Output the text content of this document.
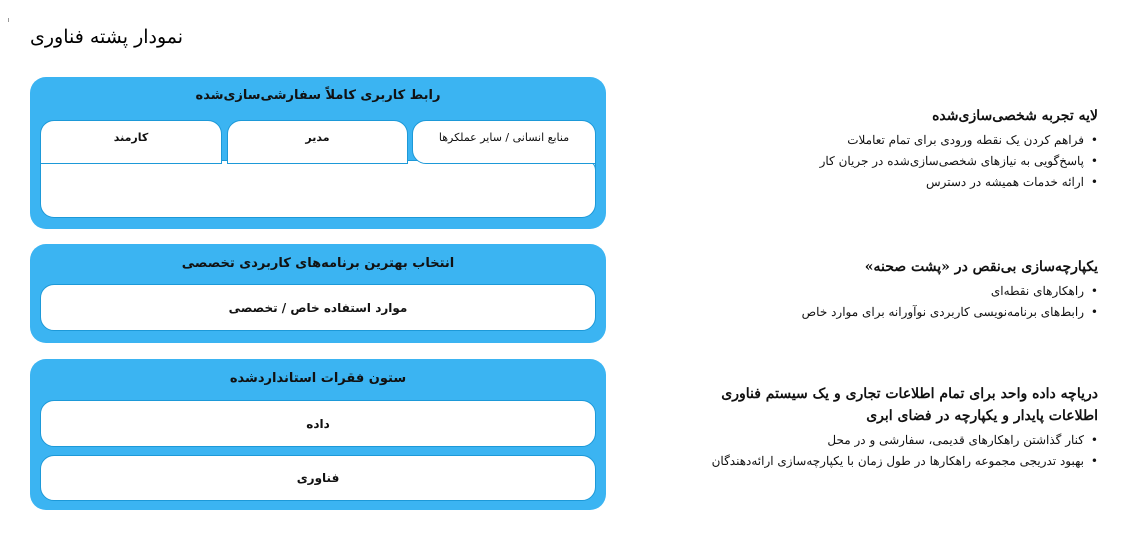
نمودار پشته فناوری
رابط کاربری کاملاً سفارشی‌سازی‌شده
کارمند	مدیر	منابع انسانی / سایر عملکرها
انتخاب بهترین برنامه‌های کاربردی تخصصی
موارد استفاده خاص / تخصصی
ستون فقرات استانداردشده
داده
فناوری
لایه تجربه شخصی‌سازی‌شده
• فراهم کردن یک نقطه ورودی برای تمام تعاملات
• پاسخ‌گویی به نیازهای شخصی‌سازی‌شده در جریان کار
• ارائه خدمات همیشه در دسترس
یکپارچه‌سازی بی‌نقص در «پشت صحنه»
• راهکارهای نقطه‌ای
• رابط‌های برنامه‌نویسی کاربردی نوآورانه برای موارد خاص
دریاچه داده واحد برای تمام اطلاعات تجاری و یک سیستم فناوری
اطلاعات پایدار و یکپارچه در فضای ابری
• کنار گذاشتن راهکارهای قدیمی، سفارشی و در محل
• بهبود تدریجی مجموعه راهکارها در طول زمان با یکپارچه‌سازی ارائه‌دهندگان
